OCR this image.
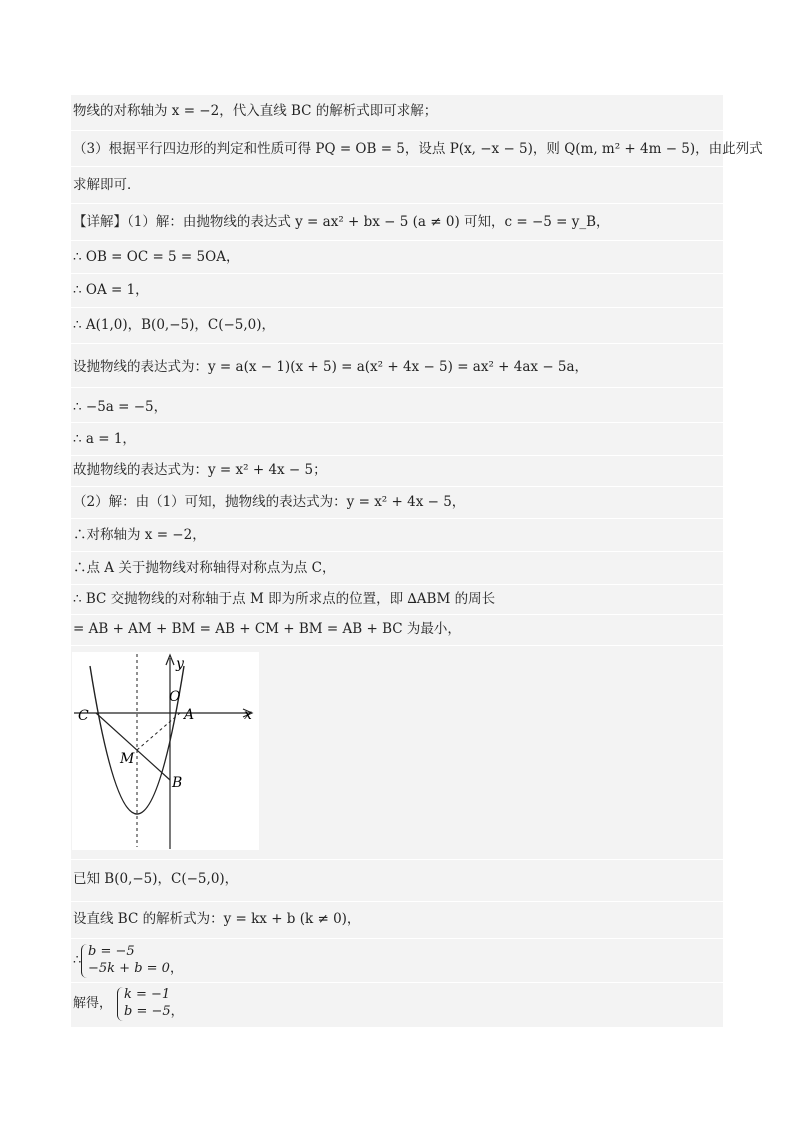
物线的对称轴为 x = −2，代入直线 BC 的解析式即可求解；
（3）根据平行四边形的判定和性质可得 PQ = OB = 5，设点 P(x, −x − 5)，则 Q(m, m² + 4m − 5)，由此列式
求解即可．
【详解】（1）解：由抛物线的表达式 y = ax² + bx − 5 (a ≠ 0) 可知，c = −5 = y_B，
∴ OB = OC = 5 = 5OA，
∴ OA = 1，
∴ A(1,0)，B(0,−5)，C(−5,0)，
设抛物线的表达式为：y = a(x − 1)(x + 5) = a(x² + 4x − 5) = ax² + 4ax − 5a，
∴ −5a = −5，
∴ a = 1，
故抛物线的表达式为：y = x² + 4x − 5；
（2）解：由（1）可知，抛物线的表达式为：y = x² + 4x − 5，
∴对称轴为 x = −2，
∴点 A 关于抛物线对称轴得对称点为点 C，
∴ BC 交抛物线的对称轴于点 M 即为所求点的位置，即 ∆ABM 的周长
= AB + AM + BM = AB + CM + BM = AB + BC 为最小，
y
x
O
C	A
M
B
已知 B(0,−5)，C(−5,0)，
设直线 BC 的解析式为：y = kx + b (k ≠ 0)，
∴
b = −5
−5k + b = 0，
解得，
k = −1
b = −5，
